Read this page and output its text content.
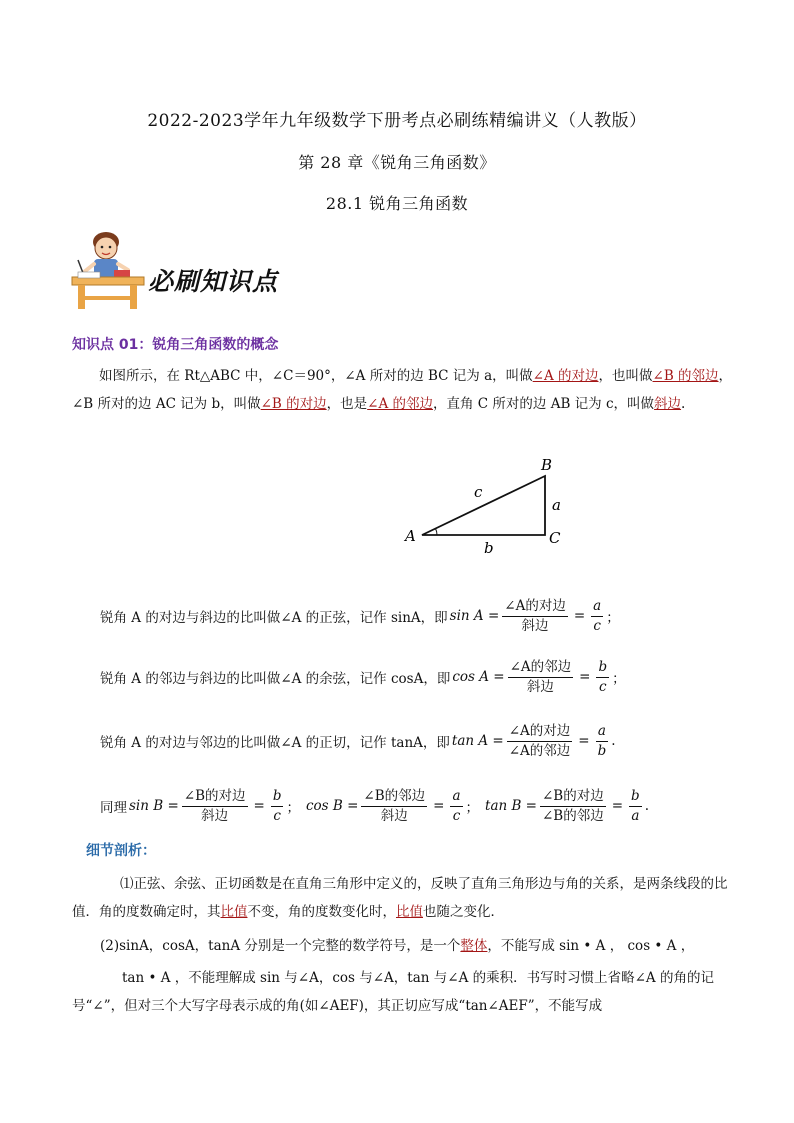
2022-2023学年九年级数学下册考点必刷练精编讲义（人教版）
第 28 章《锐角三角函数》
28.1 锐角三角函数
必刷知识点
知识点 01：锐角三角函数的概念
如图所示，在 Rt△ABC 中，∠C＝90°，∠A 所对的边 BC 记为 a，叫做∠A 的对边，也叫做∠B 的邻边，∠B 所对的边 AC 记为 b，叫做∠B 的对边，也是∠A 的邻边，直角 C 所对的边 AB 记为 c，叫做斜边.
A
B
C
a
b
c
锐角 A 的对边与斜边的比叫做∠A 的正弦，记作 sinA，即 $\sin A = \frac{\text{∠A的对边}}{\text{斜边}} = \frac{a}{c}$ ；
锐角 A 的邻边与斜边的比叫做∠A 的余弦，记作 cosA，即 $\cos A = \frac{\text{∠A的邻边}}{\text{斜边}} = \frac{b}{c}$ ；
锐角 A 的对边与邻边的比叫做∠A 的正切，记作 tanA，即 $\tan A = \frac{\text{∠A的对边}}{\text{∠A的邻边}} = \frac{a}{b}$ .
同理 $\sin B = \frac{\text{∠B的对边}}{\text{斜边}} = \frac{b}{c}$ ； $\cos B = \frac{\text{∠B的邻边}}{\text{斜边}} = \frac{a}{c}$ ； $\tan B = \frac{\text{∠B的对边}}{\text{∠B的邻边}} = \frac{b}{a}$ .
细节剖析：
⑴正弦、余弦、正切函数是在直角三角形中定义的，反映了直角三角形边与角的关系，是两条线段的比值．角的度数确定时，其比值不变，角的度数变化时，比值也随之变化．
(2)sinA，cosA，tanA 分别是一个完整的数学符号，是一个整体，不能写成 sin • A ， cos • A ，
tan • A ，不能理解成 sin 与∠A，cos 与∠A，tan 与∠A 的乘积．书写时习惯上省略∠A 的角的记号“∠”，但对三个大写字母表示成的角(如∠AEF)，其正切应写成“tan∠AEF”，不能写成
